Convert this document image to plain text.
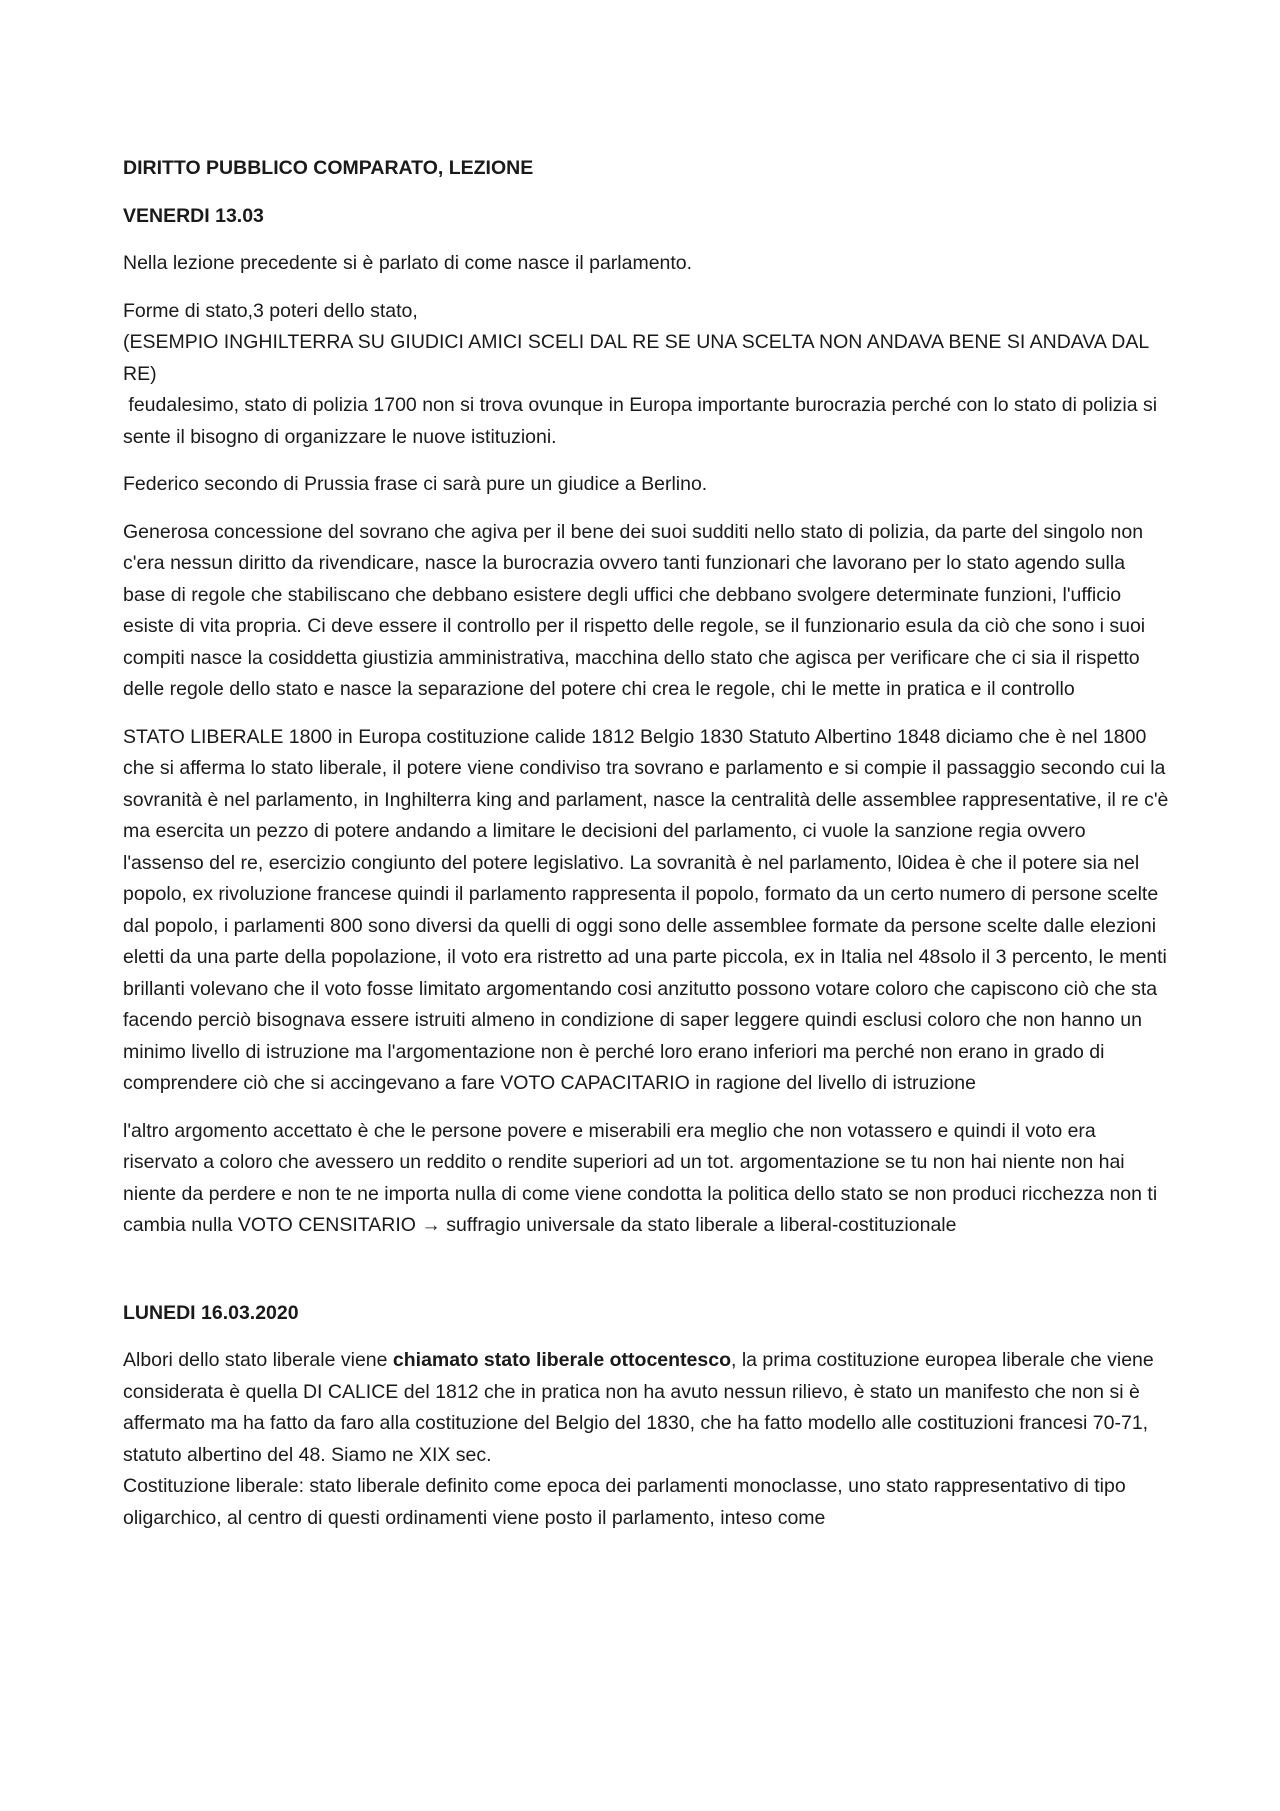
DIRITTO PUBBLICO COMPARATO, LEZIONE

VENERDI 13.03

Nella lezione precedente si è parlato di come nasce il parlamento.

Forme di stato,3 poteri dello stato,
(ESEMPIO INGHILTERRA SU GIUDICI AMICI SCELI DAL RE SE UNA SCELTA NON ANDAVA BENE SI ANDAVA DAL RE)
feudalesimo, stato di polizia 1700 non si trova ovunque in Europa importante burocrazia perché con lo stato di polizia si sente il bisogno di organizzare le nuove istituzioni.

Federico secondo di Prussia frase ci sarà pure un giudice a Berlino.

Generosa concessione del sovrano che agiva per il bene dei suoi sudditi nello stato di polizia, da parte del singolo non c'era nessun diritto da rivendicare, nasce la burocrazia ovvero tanti funzionari che lavorano per lo stato agendo sulla base di regole che stabiliscano che debbano esistere degli uffici che debbano svolgere determinate funzioni, l'ufficio esiste di vita propria. Ci deve essere il controllo per il rispetto delle regole, se il funzionario esula da ciò che sono i suoi compiti nasce la cosiddetta giustizia amministrativa, macchina dello stato che agisca per verificare che ci sia il rispetto delle regole dello stato e nasce la separazione del potere chi crea le regole, chi le mette in pratica e il controllo

STATO LIBERALE 1800 in Europa costituzione calide 1812 Belgio 1830 Statuto Albertino 1848 diciamo che è nel 1800 che si afferma lo stato liberale, il potere viene condiviso tra sovrano e parlamento e si compie il passaggio secondo cui la sovranità è nel parlamento, in Inghilterra king and parlament, nasce la centralità delle assemblee rappresentative, il re c'è ma esercita un pezzo di potere andando a limitare le decisioni del parlamento, ci vuole la sanzione regia ovvero l'assenso del re, esercizio congiunto del potere legislativo. La sovranità è nel parlamento, l0idea è che il potere sia nel popolo, ex rivoluzione francese quindi il parlamento rappresenta il popolo, formato da un certo numero di persone scelte dal popolo, i parlamenti 800 sono diversi da quelli di oggi sono delle assemblee formate da persone scelte dalle elezioni eletti da una parte della popolazione, il voto era ristretto ad una parte piccola, ex in Italia nel 48solo il 3 percento, le menti brillanti volevano che il voto fosse limitato argomentando cosi anzitutto possono votare coloro che capiscono ciò che sta facendo perciò bisognava essere istruiti almeno in condizione di saper leggere quindi esclusi coloro che non hanno un minimo livello di istruzione ma l'argomentazione non è perché loro erano inferiori ma perché non erano in grado di comprendere ciò che si accingevano a fare VOTO CAPACITARIO in ragione del livello di istruzione

l'altro argomento accettato è che le persone povere e miserabili era meglio che non votassero e quindi il voto era riservato a coloro che avessero un reddito o rendite superiori ad un tot. argomentazione se tu non hai niente non hai niente da perdere e non te ne importa nulla di come viene condotta la politica dello stato se non produci ricchezza non ti cambia nulla VOTO CENSITARIO → suffragio universale da stato liberale a liberal-costituzionale

LUNEDI 16.03.2020

Albori dello stato liberale viene chiamato stato liberale ottocentesco, la prima costituzione europea liberale che viene considerata è quella DI CALICE del 1812 che in pratica non ha avuto nessun rilievo, è stato un manifesto che non si è affermato ma ha fatto da faro alla costituzione del Belgio del 1830, che ha fatto modello alle costituzioni francesi 70-71, statuto albertino del 48. Siamo ne XIX sec.
Costituzione liberale: stato liberale definito come epoca dei parlamenti monoclasse, uno stato rappresentativo di tipo oligarchico, al centro di questi ordinamenti viene posto il parlamento, inteso come
